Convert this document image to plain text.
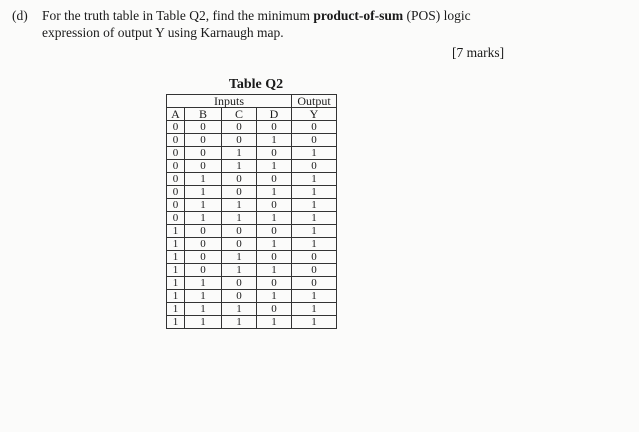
(d) For the truth table in Table Q2, find the minimum product-of-sum (POS) logic
expression of output Y using Karnaugh map.
[7 marks]
Table Q2
Inputs				Output
A	B	C	D	Y
0	0	0	0	0
0	0	0	1	0
0	0	1	0	1
0	0	1	1	0
0	1	0	0	1
0	1	0	1	1
0	1	1	0	1
0	1	1	1	1
1	0	0	0	1
1	0	0	1	1
1	0	1	0	0
1	0	1	1	0
1	1	0	0	0
1	1	0	1	1
1	1	1	0	1
1	1	1	1	1
